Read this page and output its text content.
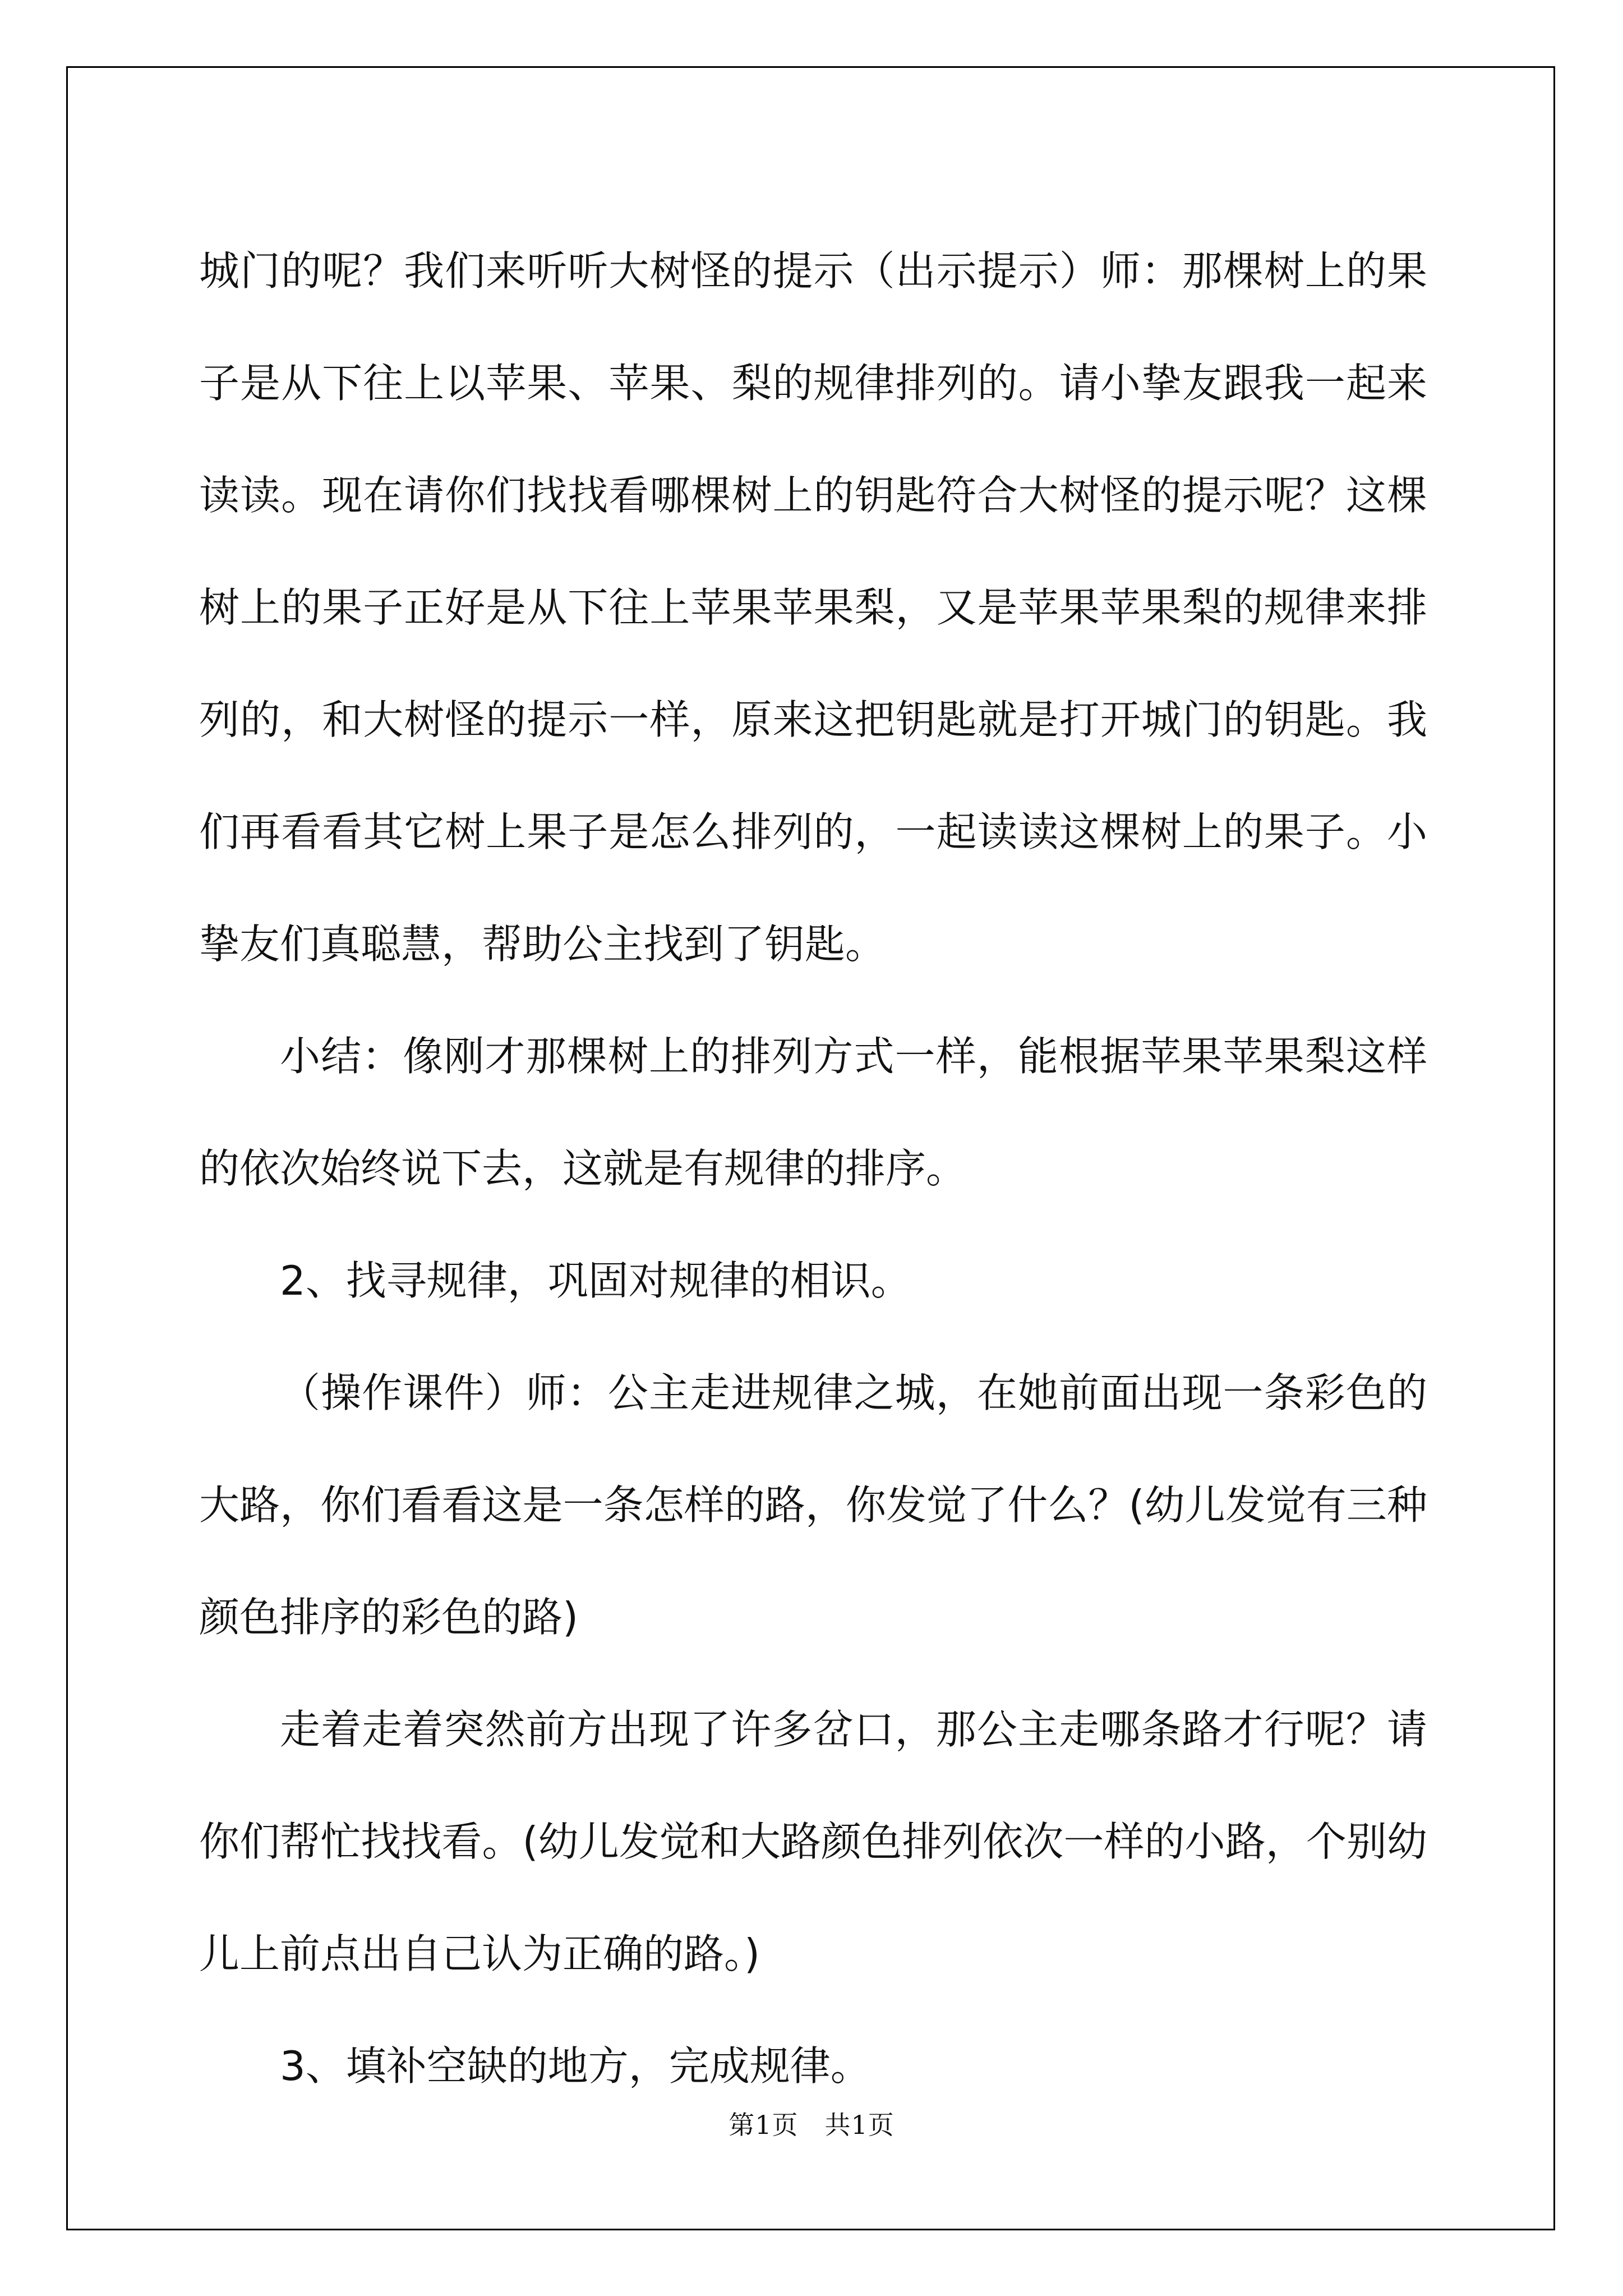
城门的呢？我们来听听大树怪的提示（出示提示）师：那棵树上的果子是从下往上以苹果、苹果、梨的规律排列的。请小挚友跟我一起来读读。现在请你们找找看哪棵树上的钥匙符合大树怪的提示呢？这棵树上的果子正好是从下往上苹果苹果梨，又是苹果苹果梨的规律来排列的，和大树怪的提示一样，原来这把钥匙就是打开城门的钥匙。我们再看看其它树上果子是怎么排列的，一起读读这棵树上的果子。小挚友们真聪慧，帮助公主找到了钥匙。

小结：像刚才那棵树上的排列方式一样，能根据苹果苹果梨这样的依次始终说下去，这就是有规律的排序。

2、找寻规律，巩固对规律的相识。

（操作课件）师：公主走进规律之城，在她前面出现一条彩色的大路，你们看看这是一条怎样的路，你发觉了什么？(幼儿发觉有三种颜色排序的彩色的路)

走着走着突然前方出现了许多岔口，那公主走哪条路才行呢？请你们帮忙找找看。(幼儿发觉和大路颜色排列依次一样的小路，个别幼儿上前点出自己认为正确的路。)

3、填补空缺的地方，完成规律。

第1页　共1页
